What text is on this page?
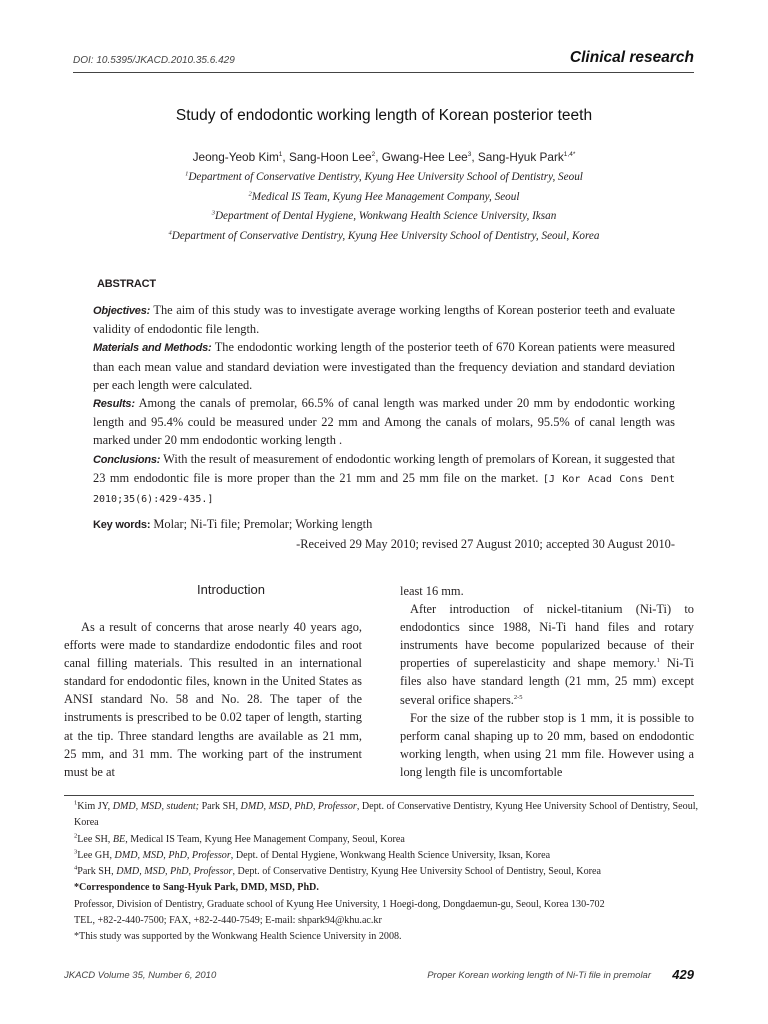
DOI: 10.5395/JKACD.2010.35.6.429	Clinical research
Study of endodontic working length of Korean posterior teeth
Jeong-Yeob Kim$^1$, Sang-Hoon Lee$^2$, Gwang-Hee Lee$^3$, Sang-Hyuk Park$^{1,4*}$
$^1$Department of Conservative Dentistry, Kyung Hee University School of Dentistry, Seoul
$^2$Medical IS Team, Kyung Hee Management Company, Seoul
$^3$Department of Dental Hygiene, Wonkwang Health Science University, Iksan
$^4$Department of Conservative Dentistry, Kyung Hee University School of Dentistry, Seoul, Korea
ABSTRACT

Objectives: The aim of this study was to investigate average working lengths of Korean posterior teeth and evaluate validity of endodontic file length.

Materials and Methods: The endodontic working length of the posterior teeth of 670 Korean patients were measured than each mean value and standard deviation were investigated than the frequency deviation and standard deviation per each length were calculated.

Results: Among the canals of premolar, 66.5% of canal length was marked under 20 mm by endodontic working length and 95.4% could be measured under 22 mm and Among the canals of molars, 95.5% of canal length was marked under 20 mm endodontic working length .

Conclusions: With the result of measurement of endodontic working length of premolars of Korean, it suggested that 23 mm endodontic file is more proper than the 21 mm and 25 mm file on the market. [J Kor Acad Cons Dent 2010;35(6):429-435.]

Key words: Molar; Ni-Ti file; Premolar; Working length
-Received 29 May 2010; revised 27 August 2010; accepted 30 August 2010-
Introduction

As a result of concerns that arose nearly 40 years ago, efforts were made to standardize endodontic files and root canal filling materials. This resulted in an international standard for endodontic files, known in the United States as ANSI standard No. 58 and No. 28. The taper of the instruments is prescribed to be 0.02 taper of length, starting at the tip. Three standard lengths are available as 21 mm, 25 mm, and 31 mm. The working part of the instrument must be at

least 16 mm.

After introduction of nickel-titanium (Ni-Ti) to endodontics since 1988, Ni-Ti hand files and rotary instruments have become popularized because of their properties of superelasticity and shape memory.$^1$ Ni-Ti files also have standard length (21 mm, 25 mm) except several orifice shapers.$^{2-5}$

For the size of the rubber stop is 1 mm, it is possible to perform canal shaping up to 20 mm, based on endodontic working length, when using 21 mm file. However using a long length file is uncomfortable

$^1$Kim JY, DMD, MSD, student; Park SH, DMD, MSD, PhD, Professor, Dept. of Conservative Dentistry, Kyung Hee University School of Dentistry, Seoul, Korea

$^2$Lee SH, BE, Medical IS Team, Kyung Hee Management Company, Seoul, Korea

$^3$Lee GH, DMD, MSD, PhD, Professor, Dept. of Dental Hygiene, Wonkwang Health Science University, Iksan, Korea

$^4$Park SH, DMD, MSD, PhD, Professor, Dept. of Conservative Dentistry, Kyung Hee University School of Dentistry, Seoul, Korea

*Correspondence to Sang-Hyuk Park, DMD, MSD, PhD.

Professor, Division of Dentistry, Graduate school of Kyung Hee University, 1 Hoegi-dong, Dongdaemun-gu, Seoul, Korea 130-702

TEL, +82-2-440-7500; FAX, +82-2-440-7549; E-mail: shpark94@khu.ac.kr

*This study was supported by the Wonkwang Health Science University in 2008.

JKACD Volume 35, Number 6, 2010	Proper Korean working length of Ni-Ti file in premolar 429
